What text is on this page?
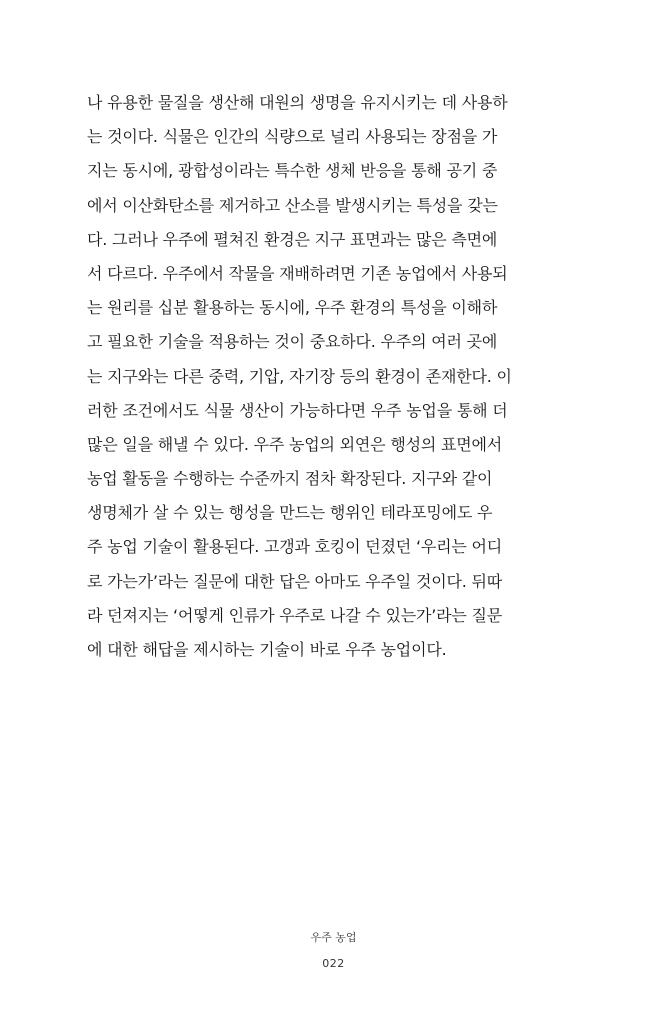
나 유용한 물질을 생산해 대원의 생명을 유지시키는 데 사용하
는 것이다. 식물은 인간의 식량으로 널리 사용되는 장점을 가
지는 동시에, 광합성이라는 특수한 생체 반응을 통해 공기 중
에서 이산화탄소를 제거하고 산소를 발생시키는 특성을 갖는
다. 그러나 우주에 펼쳐진 환경은 지구 표면과는 많은 측면에
서 다르다. 우주에서 작물을 재배하려면 기존 농업에서 사용되
는 원리를 십분 활용하는 동시에, 우주 환경의 특성을 이해하
고 필요한 기술을 적용하는 것이 중요하다. 우주의 여러 곳에
는 지구와는 다른 중력, 기압, 자기장 등의 환경이 존재한다. 이
러한 조건에서도 식물 생산이 가능하다면 우주 농업을 통해 더
많은 일을 해낼 수 있다. 우주 농업의 외연은 행성의 표면에서
농업 활동을 수행하는 수준까지 점차 확장된다. 지구와 같이
생명체가 살 수 있는 행성을 만드는 행위인 테라포밍에도 우
주 농업 기술이 활용된다. 고갱과 호킹이 던졌던 ‘우리는 어디
로 가는가’라는 질문에 대한 답은 아마도 우주일 것이다. 뒤따
라 던져지는 ‘어떻게 인류가 우주로 나갈 수 있는가’라는 질문
에 대한 해답을 제시하는 기술이 바로 우주 농업이다.
우주 농업
022
